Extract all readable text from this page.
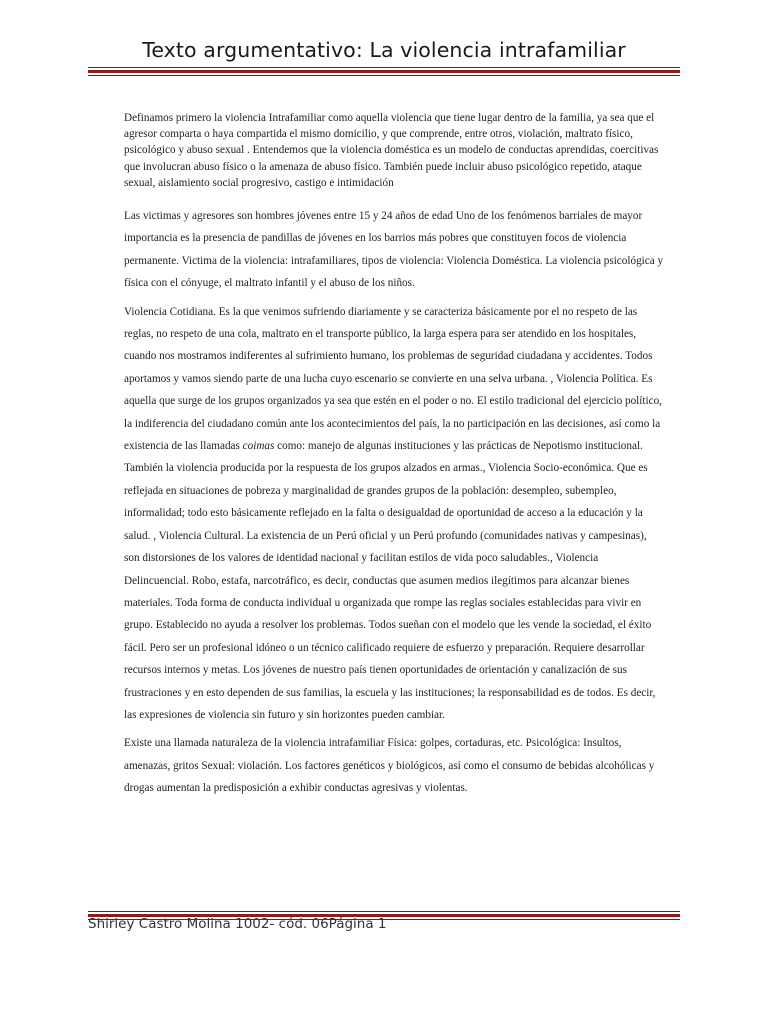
Texto argumentativo: La violencia intrafamiliar

Definamos primero la violencia Intrafamiliar como aquella violencia que tiene lugar dentro de la familia, ya sea que el agresor comparta o haya compartida el mismo domicilio, y que comprende, entre otros, violación, maltrato físico, psicológico y abuso sexual . Entendemos que la violencia doméstica es un modelo de conductas aprendidas, coercitivas que involucran abuso físico o la amenaza de abuso físico. También puede incluir abuso psicológico repetido, ataque sexual, aislamiento social progresivo, castigo e intimidación

Las victimas y agresores son hombres jóvenes entre 15 y 24 años de edad Uno de los fenómenos barriales de mayor importancia es la presencia de pandillas de jóvenes en los barrios más pobres que constituyen focos de violencia permanente. Victima de la violencia: intrafamiliares, tipos de violencia: Violencia Doméstica. La violencia psicológica y física con el cónyuge, el maltrato infantil y el abuso de los niños.

Violencia Cotidiana. Es la que venimos sufriendo diariamente y se caracteriza básicamente por el no respeto de las reglas, no respeto de una cola, maltrato en el transporte público, la larga espera para ser atendido en los hospitales, cuando nos mostramos indiferentes al sufrimiento humano, los problemas de seguridad ciudadana y accidentes. Todos aportamos y vamos siendo parte de una lucha cuyo escenario se convierte en una selva urbana. , Violencia Política. Es aquella que surge de los grupos organizados ya sea que estén en el poder o no. El estilo tradicional del ejercicio político, la indiferencia del ciudadano común ante los acontecimientos del país, la no participación en las decisiones, así como la existencia de las llamadas coimas como: manejo de algunas instituciones y las prácticas de Nepotismo institucional. También la violencia producida por la respuesta de los grupos alzados en armas., Violencia Socio-económica. Que es reflejada en situaciones de pobreza y marginalidad de grandes grupos de la población: desempleo, subempleo, informalidad; todo esto básicamente reflejado en la falta o desigualdad de oportunidad de acceso a la educación y la salud. , Violencia Cultural. La existencia de un Perú oficial y un Perú profundo (comunidades nativas y campesinas), son distorsiones de los valores de identidad nacional y facilitan estilos de vida poco saludables., Violencia Delincuencial. Robo, estafa, narcotráfico, es decir, conductas que asumen medios ilegítimos para alcanzar bienes materiales. Toda forma de conducta individual u organizada que rompe las reglas sociales establecidas para vivir en grupo. Establecido no ayuda a resolver los problemas. Todos sueñan con el modelo que les vende la sociedad, el éxito fácil. Pero ser un profesional idóneo o un técnico calificado requiere de esfuerzo y preparación. Requiere desarrollar recursos internos y metas. Los jóvenes de nuestro país tienen oportunidades de orientación y canalización de sus frustraciones y en esto dependen de sus familias, la escuela y las instituciones; la responsabilidad es de todos. Es decir, las expresiones de violencia sin futuro y sin horizontes pueden cambiar.

Existe una llamada naturaleza de la violencia intrafamiliar Física: golpes, cortaduras, etc. Psicológica: Insultos, amenazas, gritos Sexual: violación. Los factores genéticos y biológicos, así como el consumo de bebidas alcohólicas y drogas aumentan la predisposición a exhibir conductas agresivas y violentas.

Shirley Castro Molina 1002- cód. 06Página 1
